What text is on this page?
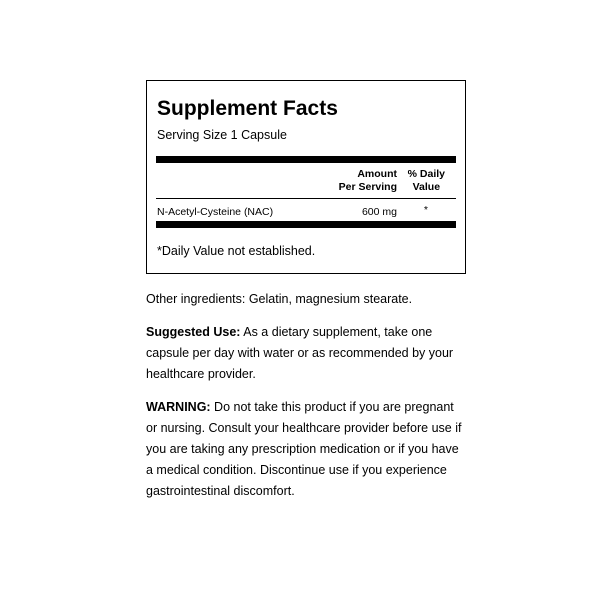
Supplement Facts
Serving Size 1 Capsule
Amount
Per Serving
% Daily
Value
N-Acetyl-Cysteine (NAC)	600 mg	*
*Daily Value not established.
Other ingredients: Gelatin, magnesium stearate.
Suggested Use: As a dietary supplement, take one
capsule per day with water or as recommended by your
healthcare provider.
WARNING: Do not take this product if you are pregnant
or nursing. Consult your healthcare provider before use if
you are taking any prescription medication or if you have
a medical condition. Discontinue use if you experience
gastrointestinal discomfort.
